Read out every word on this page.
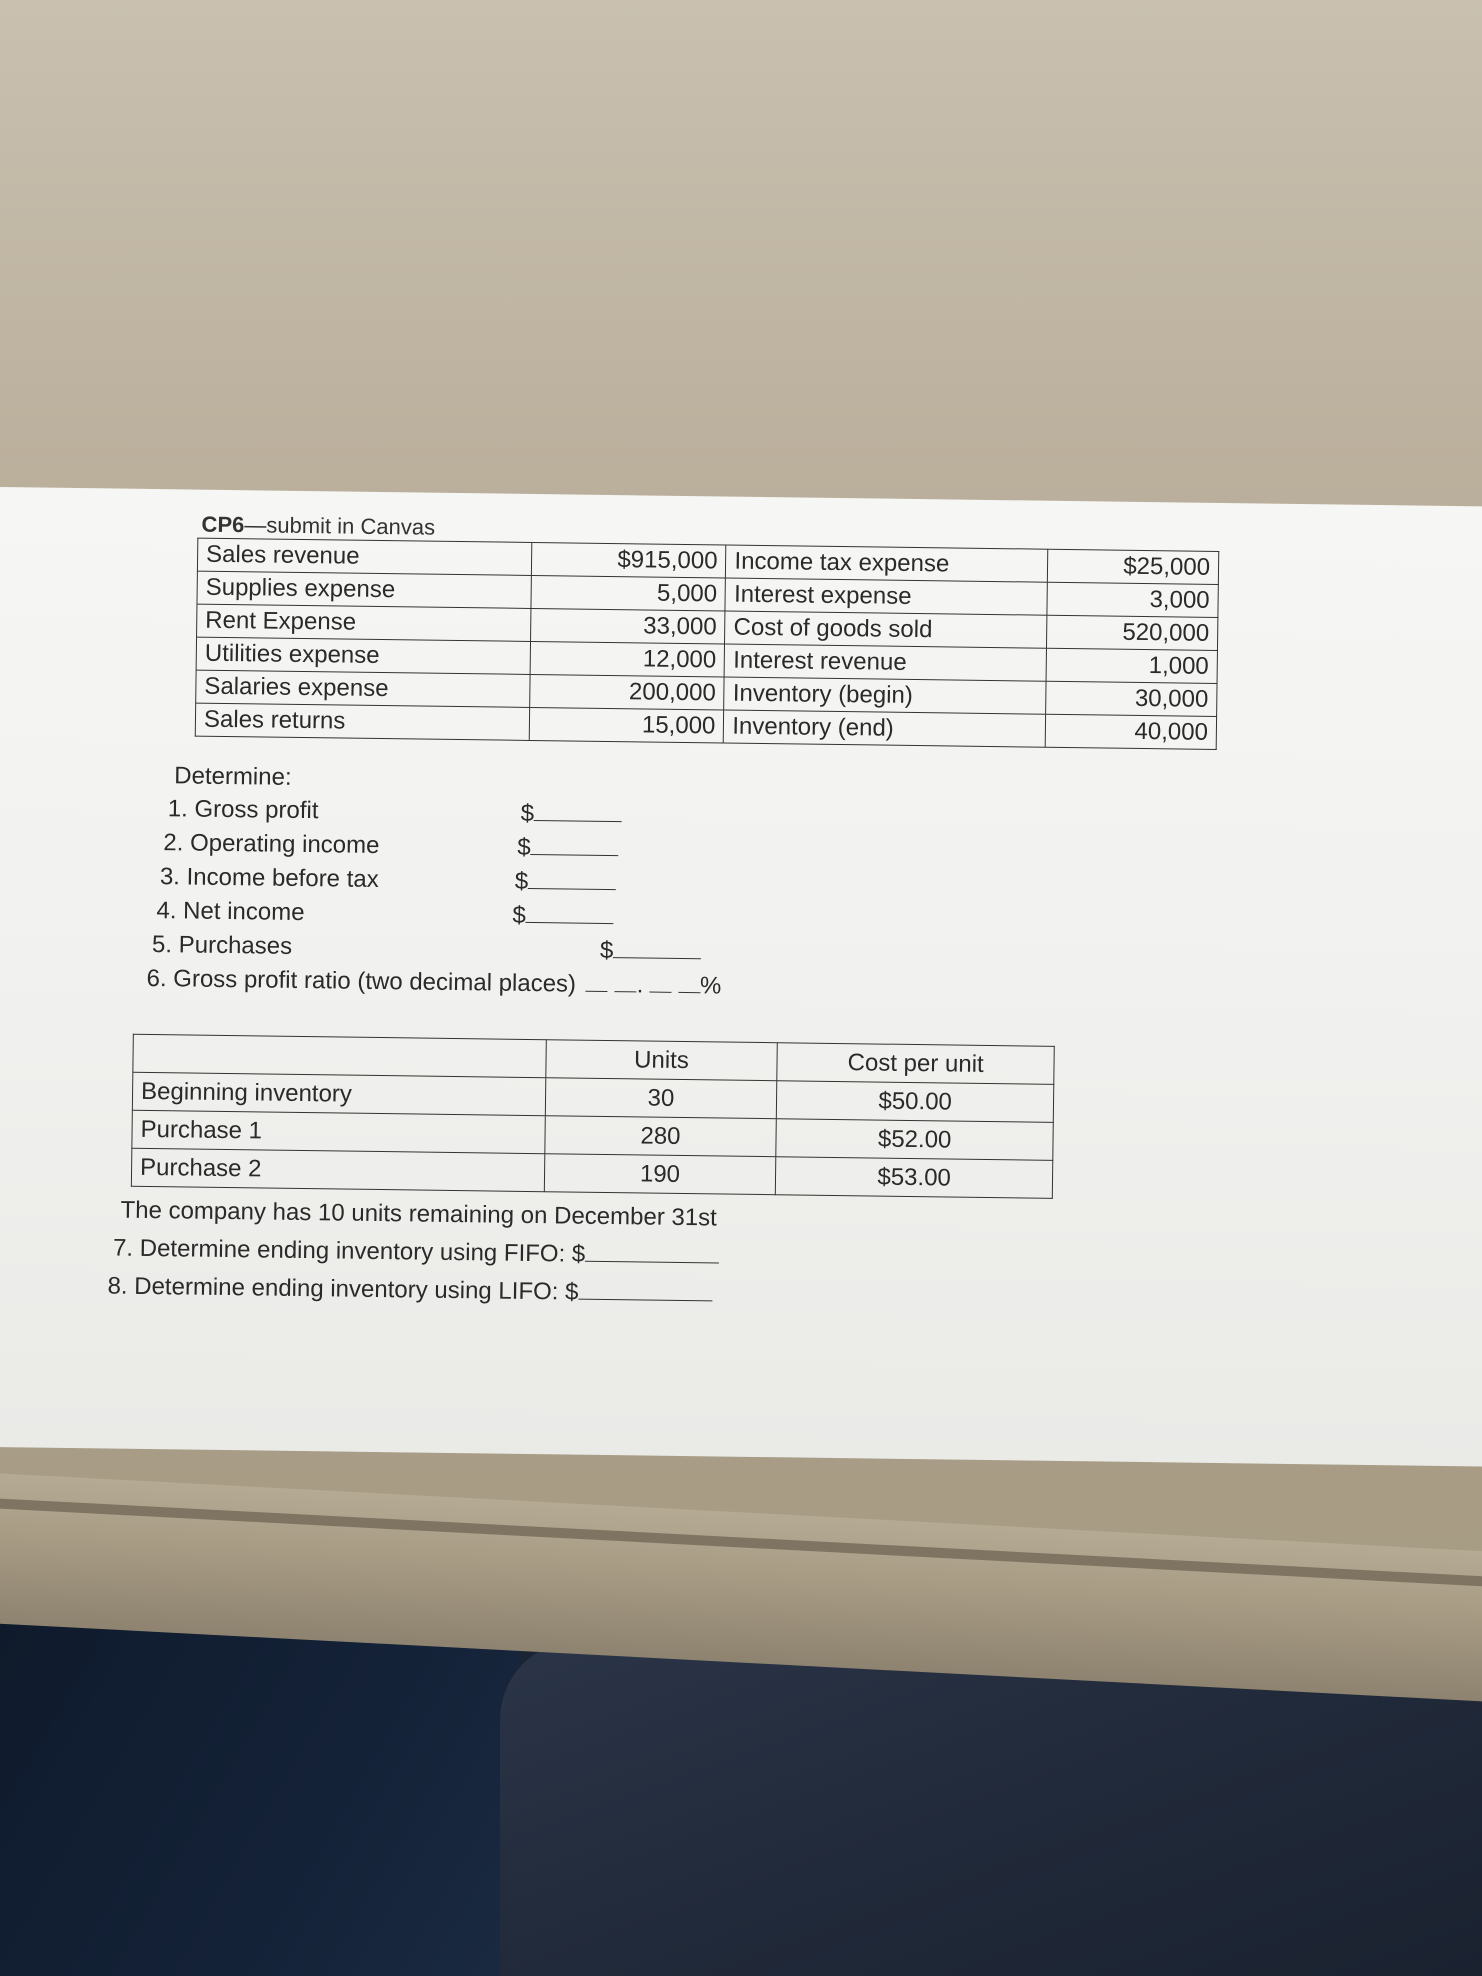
CP6—submit in Canvas
Sales revenue	$915,000	Income tax expense	$25,000
Supplies expense	5,000	Interest expense	3,000
Rent Expense	33,000	Cost of goods sold	520,000
Utilities expense	12,000	Interest revenue	1,000
Salaries expense	200,000	Inventory (begin)	30,000
Sales returns	15,000	Inventory (end)	40,000
Determine:
1. Gross profit	$
2. Operating income	$
3. Income before tax	$
4. Net income	$
5. Purchases	$
6. Gross profit ratio (two decimal places)	. %
	Units	Cost per unit
Beginning inventory	30	$50.00
Purchase 1	280	$52.00
Purchase 2	190	$53.00
The company has 10 units remaining on December 31st
7. Determine ending inventory using FIFO: $
8. Determine ending inventory using LIFO: $
